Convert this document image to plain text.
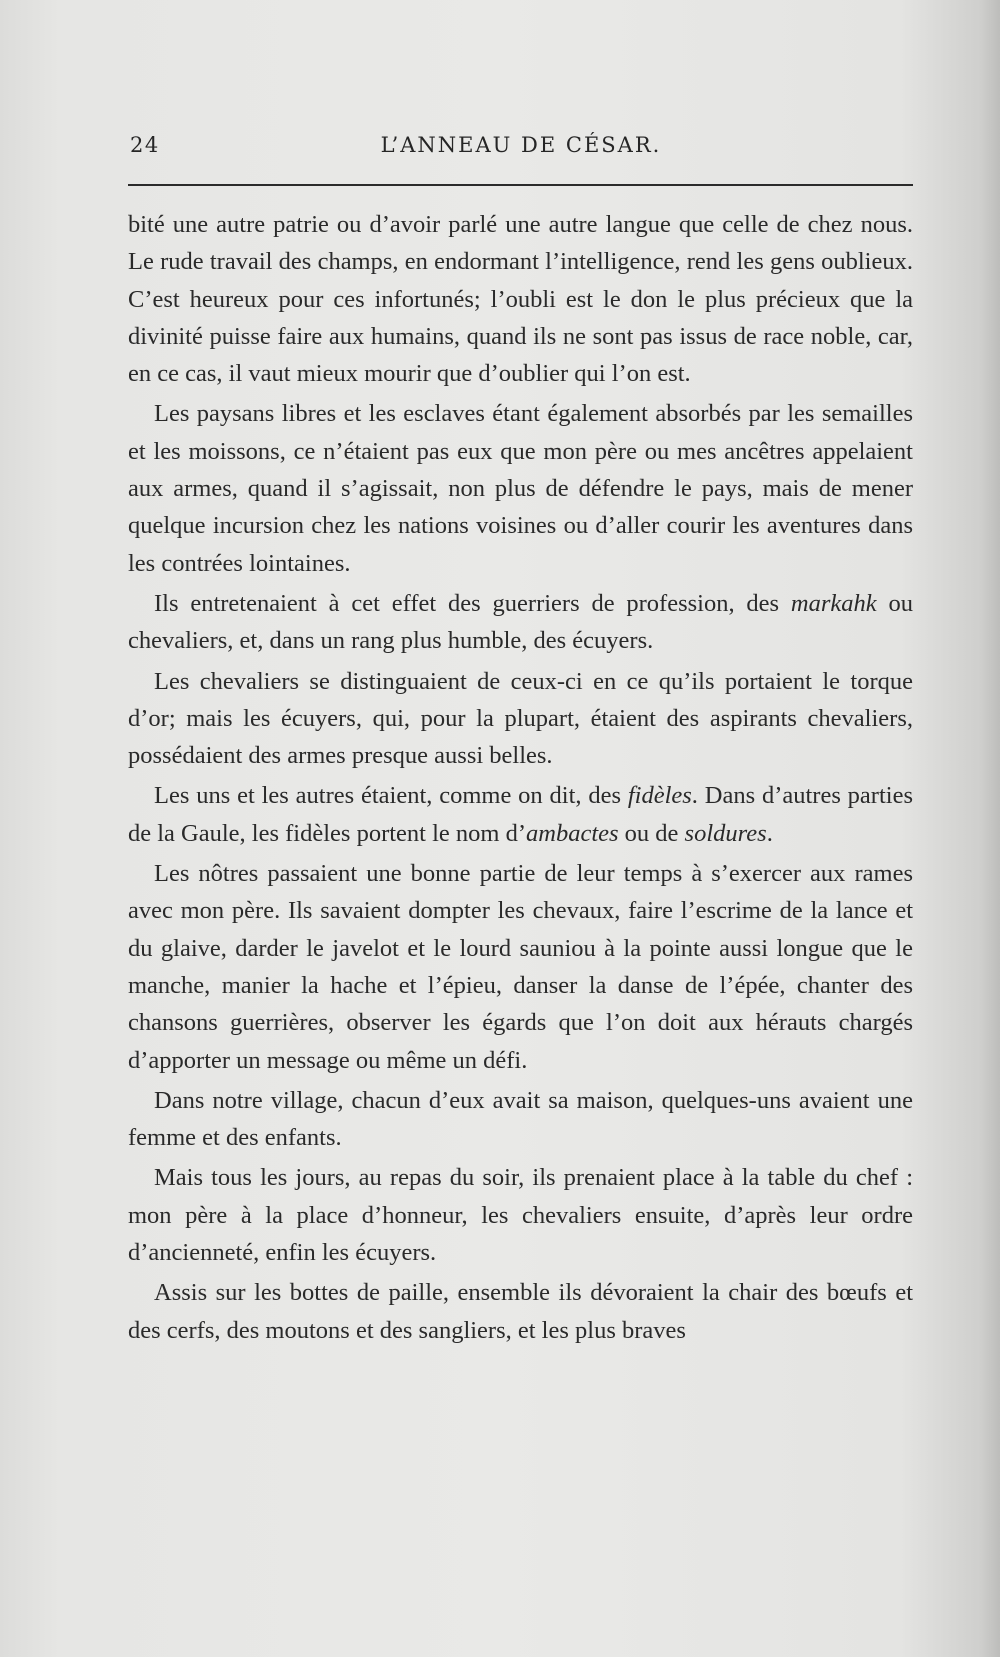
24	L’ANNEAU DE CÉSAR.

bité une autre patrie ou d’avoir parlé une autre langue que celle de chez nous. Le rude travail des champs, en endormant l’intelligence, rend les gens oublieux. C’est heureux pour ces infortunés; l’oubli est le don le plus précieux que la divinité puisse faire aux humains, quand ils ne sont pas issus de race noble, car, en ce cas, il vaut mieux mourir que d’oublier qui l’on est.

Les paysans libres et les esclaves étant également absorbés par les semailles et les moissons, ce n’étaient pas eux que mon père ou mes ancêtres appelaient aux armes, quand il s’agissait, non plus de défendre le pays, mais de mener quelque incursion chez les nations voisines ou d’aller courir les aventures dans les contrées lointaines.

Ils entretenaient à cet effet des guerriers de profession, des markahk ou chevaliers, et, dans un rang plus humble, des écuyers.

Les chevaliers se distinguaient de ceux-ci en ce qu’ils portaient le torque d’or; mais les écuyers, qui, pour la plupart, étaient des aspirants chevaliers, possédaient des armes presque aussi belles.

Les uns et les autres étaient, comme on dit, des fidèles. Dans d’autres parties de la Gaule, les fidèles portent le nom d’ambactes ou de soldures.

Les nôtres passaient une bonne partie de leur temps à s’exercer aux rames avec mon père. Ils savaient dompter les chevaux, faire l’escrime de la lance et du glaive, darder le javelot et le lourd sauniou à la pointe aussi longue que le manche, manier la hache et l’épieu, danser la danse de l’épée, chanter des chansons guerrières, observer les égards que l’on doit aux hérauts chargés d’apporter un message ou même un défi.

Dans notre village, chacun d’eux avait sa maison, quelques-uns avaient une femme et des enfants.

Mais tous les jours, au repas du soir, ils prenaient place à la table du chef : mon père à la place d’honneur, les chevaliers ensuite, d’après leur ordre d’ancienneté, enfin les écuyers.

Assis sur les bottes de paille, ensemble ils dévoraient la chair des bœufs et des cerfs, des moutons et des sangliers, et les plus braves
